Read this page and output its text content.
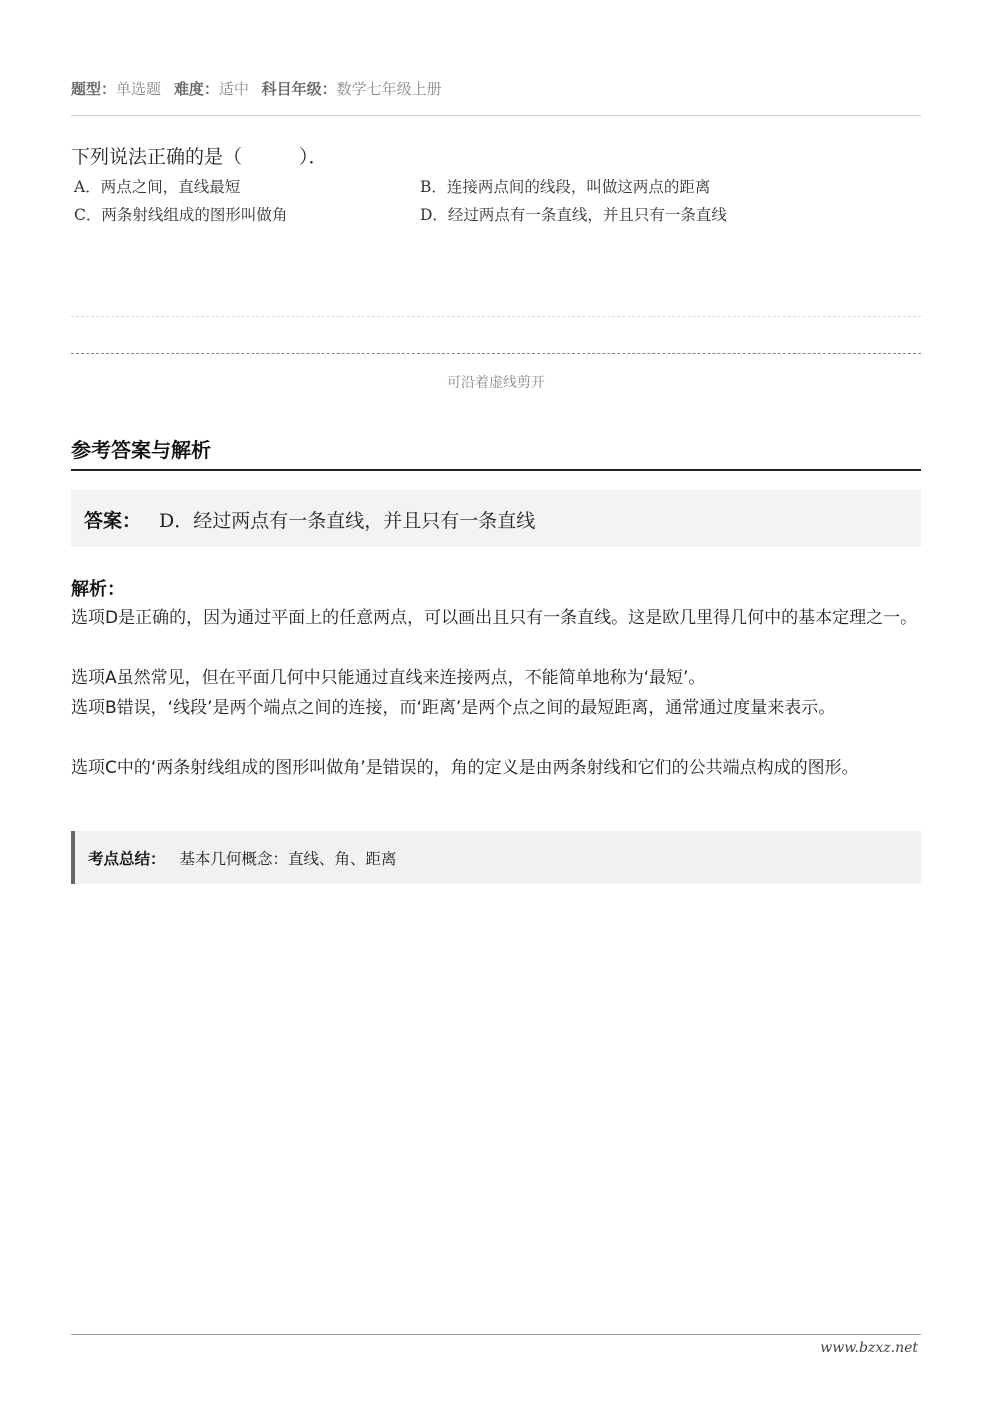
题型：单选题 难度：适中 科目年级：数学七年级上册
下列说法正确的是（　　　）．
A．两点之间，直线最短	B．连接两点间的线段，叫做这两点的距离
C．两条射线组成的图形叫做角	D．经过两点有一条直线，并且只有一条直线
可沿着虚线剪开
参考答案与解析
答案： D．经过两点有一条直线，并且只有一条直线
解析：
选项D是正确的，因为通过平面上的任意两点，可以画出且只有一条直线。这是欧几里得几何中的基本定理之一。
选项A虽然常见，但在平面几何中只能通过直线来连接两点，不能简单地称为‘最短’。
选项B错误，‘线段’是两个端点之间的连接，而‘距离’是两个点之间的最短距离，通常通过度量来表示。
选项C中的‘两条射线组成的图形叫做角’是错误的，角的定义是由两条射线和它们的公共端点构成的图形。
考点总结： 基本几何概念：直线、角、距离
www.bzxz.net
